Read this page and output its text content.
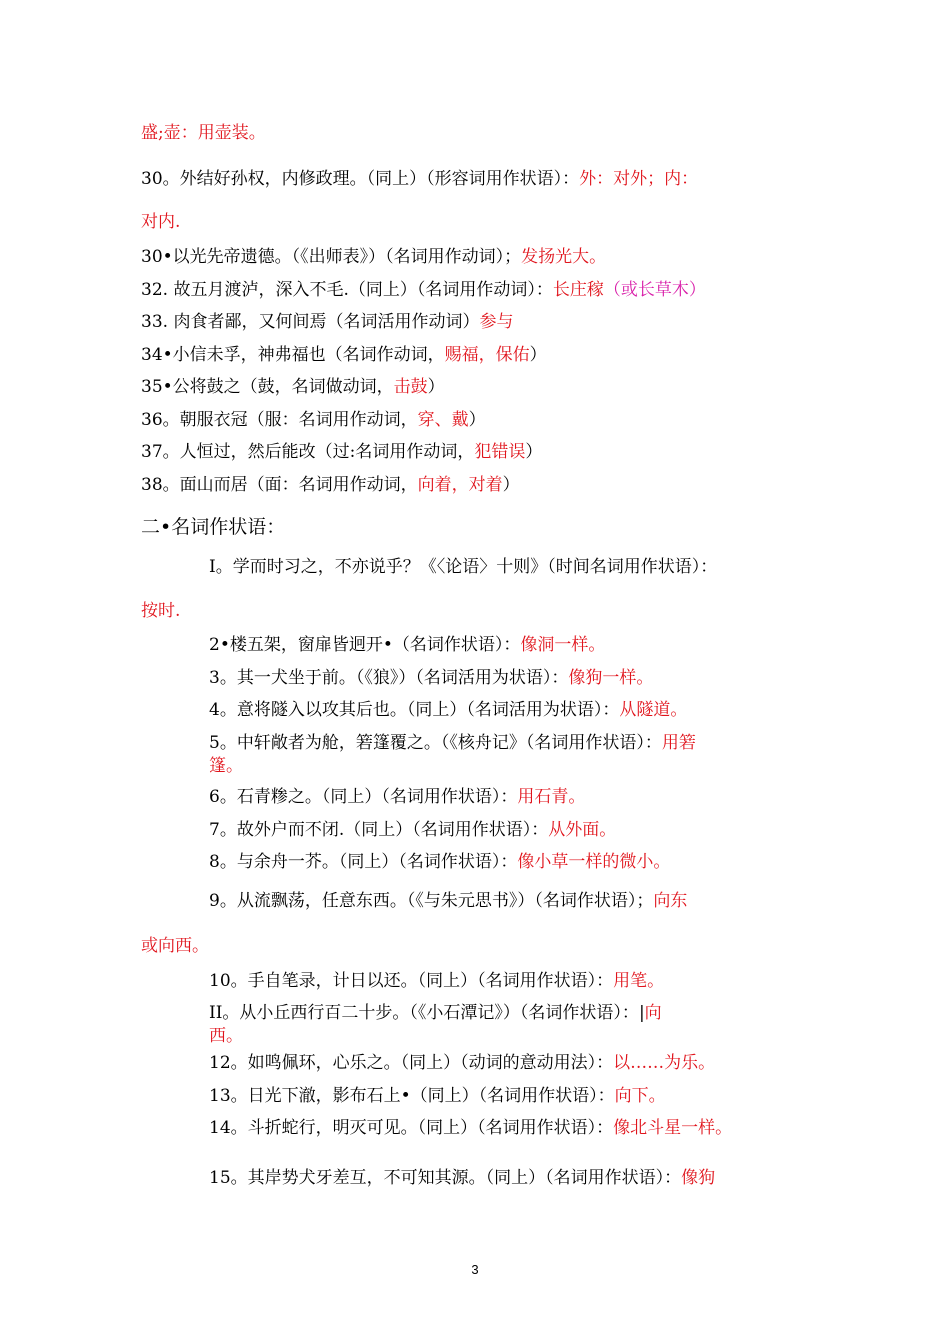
盛;壶：用壶装。
30。外结好孙权，内修政理。（同上）（形容词用作状语）：外：对外；内：
对内.
30•以光先帝遗德。（《出师表》）（名词用作动词）；发扬光大。
32. 故五月渡泸，深入不毛.（同上）（名词用作动词）：长庄稼（或长草木）
33. 肉食者鄙，又何间焉（名词活用作动词）参与
34•小信未孚，神弗福也（名词作动词，赐福，保佑）
35•公将鼓之（鼓，名词做动词，击鼓）
36。朝服衣冠（服：名词用作动词，穿、戴）
37。人恒过，然后能改（过:名词用作动词，犯错误）
38。面山而居（面：名词用作动词，向着，对着）
二•名词作状语：
I。学而时习之，不亦说乎？《〈论语〉十则》（时间名词用作状语）：
按时.
2•楼五架，窗扉皆迥开•（名词作状语）：像洞一样。
3。其一犬坐于前。（《狼》）（名词活用为状语）：像狗一样。
4。意将隧入以攻其后也。（同上）（名词活用为状语）：从隧道。
5。中轩敞者为舱，箬篷覆之。（《核舟记》（名词用作状语）：用箬
篷。
6。石青糁之。（同上）（名词用作状语）：用石青。
7。故外户而不闭.（同上）（名词用作状语）：从外面。
8。与余舟一芥。（同上）（名词作状语）：像小草一样的微小。
9。从流飘荡，任意东西。（《与朱元思书》）（名词作状语）；向东
或向西。
10。手自笔录，计日以还。（同上）（名词用作状语）：用笔。
II。从小丘西行百二十步。（《小石潭记》）（名词作状语）：|向
西。
12。如鸣佩环，心乐之。（同上）（动词的意动用法）：以……为乐。
13。日光下澈，影布石上•（同上）（名词用作状语）：向下。
14。斗折蛇行，明灭可见。（同上）（名词用作状语）：像北斗星一样。
15。其岸势犬牙差互，不可知其源。（同上）（名词用作状语）：像狗
3
